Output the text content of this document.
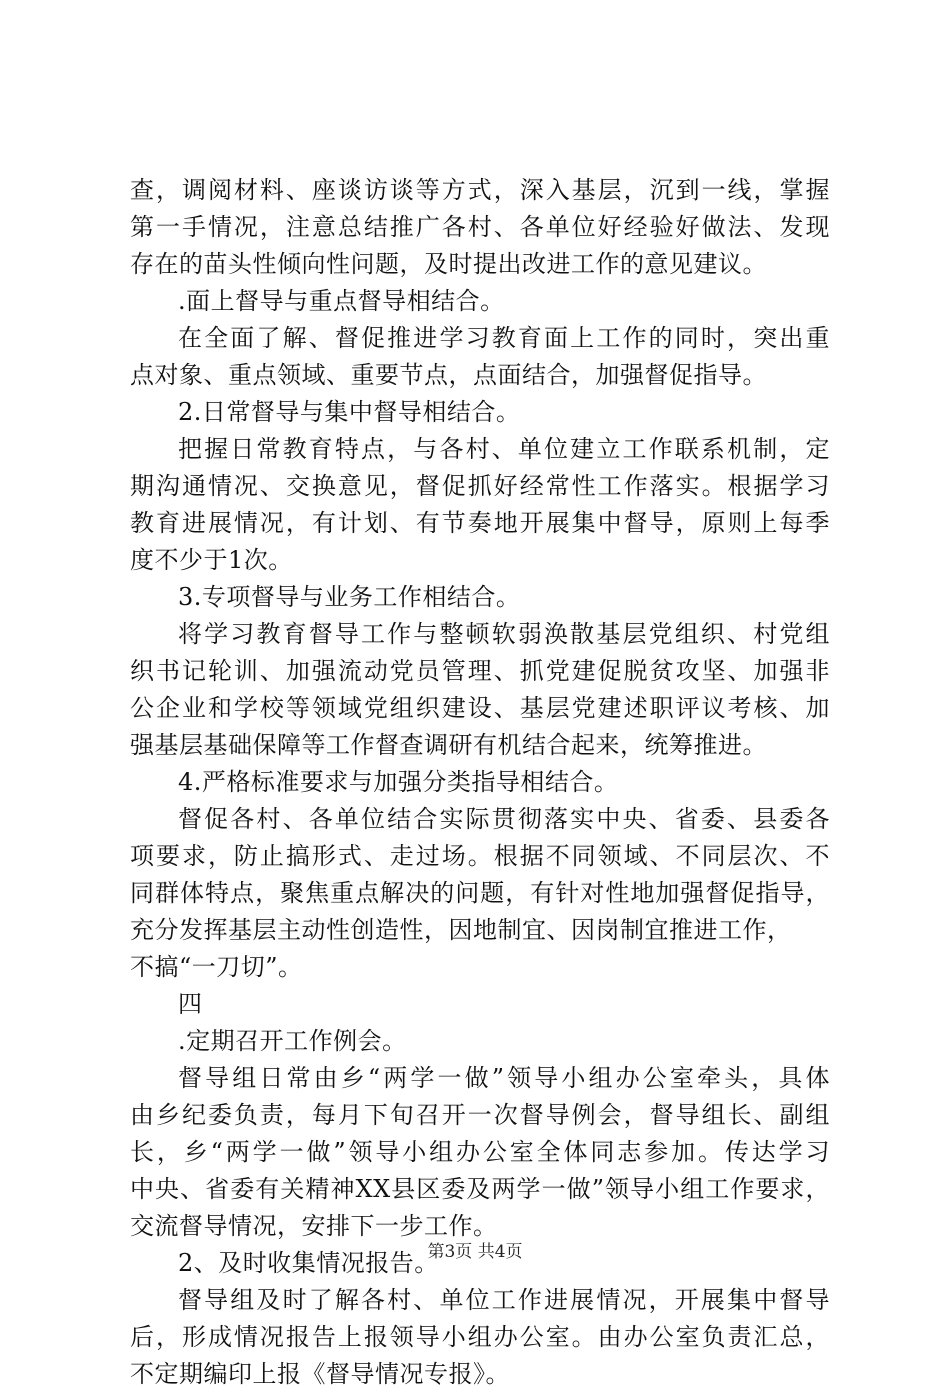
查，调阅材料、座谈访谈等方式，深入基层，沉到一线，掌握
第一手情况，注意总结推广各村、各单位好经验好做法、发现
存在的苗头性倾向性问题，及时提出改进工作的意见建议。
.面上督导与重点督导相结合。
在全面了解、督促推进学习教育面上工作的同时，突出重
点对象、重点领域、重要节点，点面结合，加强督促指导。
2.日常督导与集中督导相结合。
把握日常教育特点，与各村、单位建立工作联系机制，定
期沟通情况、交换意见，督促抓好经常性工作落实。根据学习
教育进展情况，有计划、有节奏地开展集中督导，原则上每季
度不少于1次。
3.专项督导与业务工作相结合。
将学习教育督导工作与整顿软弱涣散基层党组织、村党组
织书记轮训、加强流动党员管理、抓党建促脱贫攻坚、加强非
公企业和学校等领域党组织建设、基层党建述职评议考核、加
强基层基础保障等工作督查调研有机结合起来，统筹推进。
4.严格标准要求与加强分类指导相结合。
督促各村、各单位结合实际贯彻落实中央、省委、县委各
项要求，防止搞形式、走过场。根据不同领域、不同层次、不
同群体特点，聚焦重点解决的问题，有针对性地加强督促指导，
充分发挥基层主动性创造性，因地制宜、因岗制宜推进工作，
不搞“一刀切”。
四
.定期召开工作例会。
督导组日常由乡“两学一做”领导小组办公室牵头，具体
由乡纪委负责，每月下旬召开一次督导例会，督导组长、副组
长，乡“两学一做”领导小组办公室全体同志参加。传达学习
中央、省委有关精神XX县区委及两学一做”领导小组工作要求，
交流督导情况，安排下一步工作。
2、及时收集情况报告。
督导组及时了解各村、单位工作进展情况，开展集中督导
后，形成情况报告上报领导小组办公室。由办公室负责汇总，
不定期编印上报《督导情况专报》。
第3页 共4页
